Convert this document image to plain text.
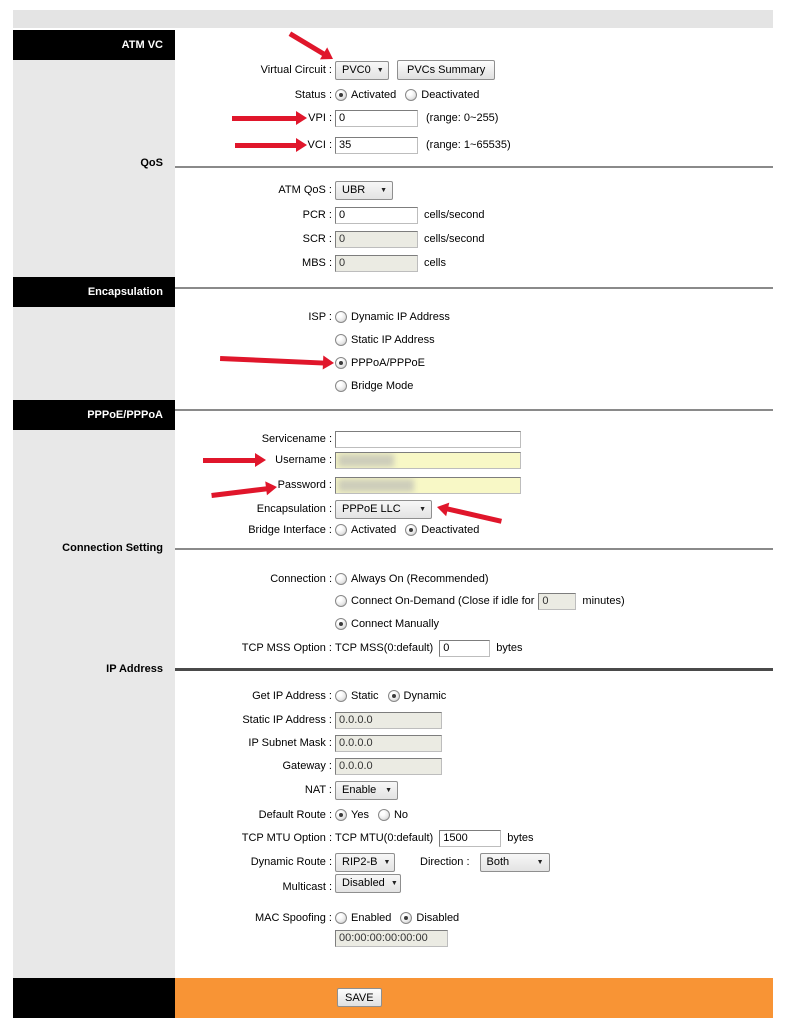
ATM VC
QoS
Encapsulation
PPPoE/PPPoA
Connection Setting
IP Address
Virtual Circuit : PVC0 ▼	PVCs Summary
Status : Activated Deactivated
VPI : 0	(range: 0~255)
VCI : 35	(range: 1~65535)
ATM QoS : UBR ▼
PCR : 0	cells/second
SCR : 0	cells/second
MBS : 0	cells
ISP : Dynamic IP Address
Static IP Address
PPPoA/PPPoE
Bridge Mode
Servicename :
Username :
Password :
Encapsulation : PPPoE LLC	▼
Bridge Interface : Activated Deactivated
Connection : Always On (Recommended)
Connect On-Demand (Close if idle for 0	minutes)
Connect Manually
TCP MSS Option : TCP MSS(0:default) 0	bytes
Get IP Address : Static Dynamic
Static IP Address : 0.0.0.0
IP Subnet Mask : 0.0.0.0
Gateway : 0.0.0.0
NAT : Enable ▼
Default Route : Yes No
TCP MTU Option : TCP MTU(0:default) 1500	bytes
Dynamic Route : RIP2-B ▼	Direction : Both	▼
Multicast : Disabled ▼
MAC Spoofing : Enabled Disabled
00:00:00:00:00:00
SAVE
